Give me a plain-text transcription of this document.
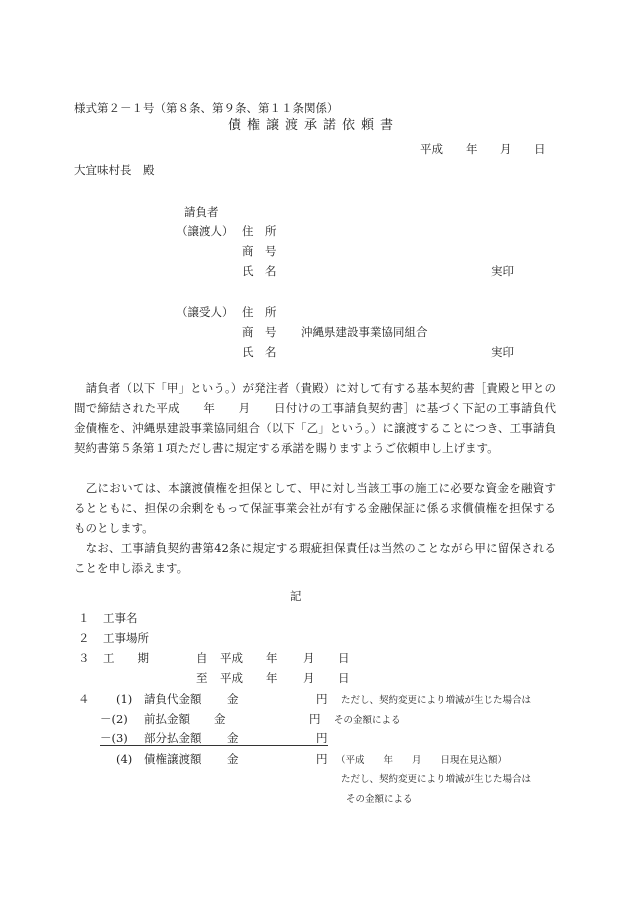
様式第２－１号（第８条、第９条、第１１条関係）
債権譲渡承諾依頼書
平成 年 月 日
大宜味村長　殿
請負者
（譲渡人） 住　所
商　号
氏　名	実印
（譲受人） 住　所
商　号 沖縄県建設事業協同組合
氏　名	実印
　請負者（以下「甲」という。）が発注者（貴殿）に対して有する基本契約書［貴殿と甲との間で締結された平成　　年　　月　　日付けの工事請負契約書］に基づく下記の工事請負代金債権を、沖縄県建設事業協同組合（以下「乙」という。）に譲渡することにつき、工事請負契約書第５条第１項ただし書に規定する承諾を賜りますようご依頼申し上げます。
　乙においては、本譲渡債権を担保として、甲に対し当該工事の施工に必要な資金を融資するとともに、担保の余剰をもって保証事業会社が有する金融保証に係る求償債権を担保するものとします。
　なお、工事請負契約書第42条に規定する瑕疵担保責任は当然のことながら甲に留保されることを申し添えます。
記
１ 工事名
２ 工事場所
３ 工　　期	自 平成 年 月 日
至 平成 年 月 日
４ (1) 請負代金額 金	円 ただし、契約変更により増減が生じた場合は
－(2) 前払金額 金	円 その金額による
－(3) 部分払金額 金	円
(4) 債権譲渡額 金	円 （平成　　年　　月　　日現在見込額）
ただし、契約変更により増減が生じた場合は
その金額による
